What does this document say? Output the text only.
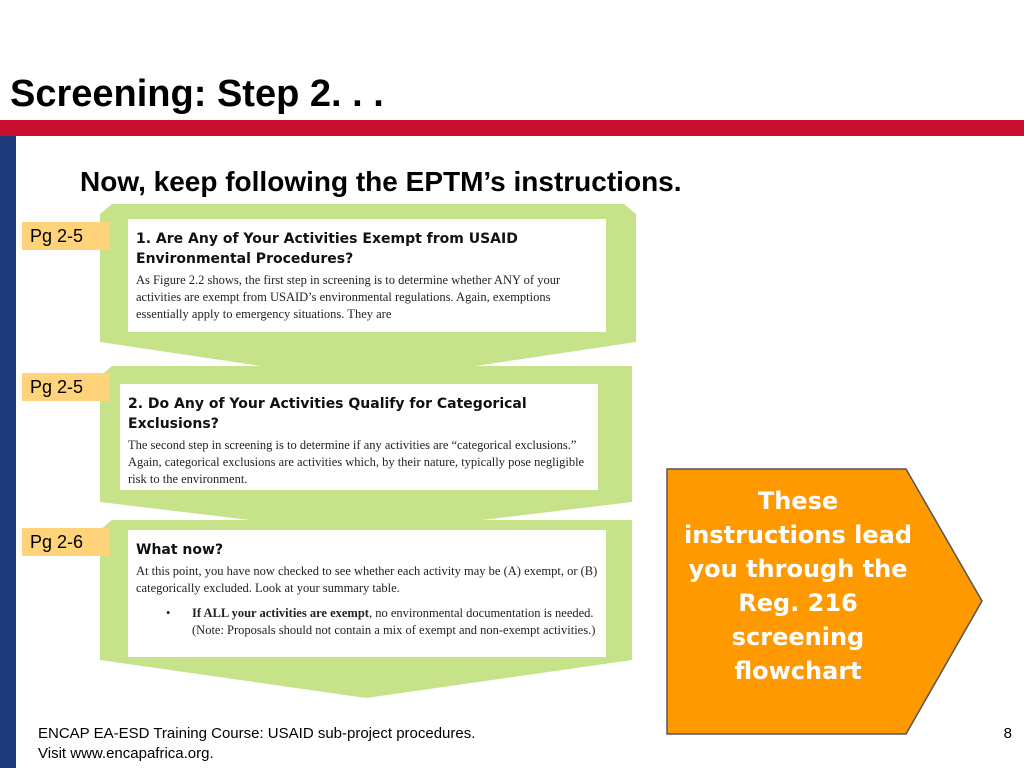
Screening: Step 2. . .
Now, keep following the EPTM’s instructions.
Pg 2-5	1. Are Any of Your Activities Exempt from USAID Environmental Procedures?

As Figure 2.2 shows, the first step in screening is to determine whether ANY of your activities are exempt from USAID’s environmental regulations. Again, exemptions essentially apply to emergency situations. They are

Pg 2-5

2. Do Any of Your Activities Qualify for Categorical Exclusions?

The second step in screening is to determine if any activities are “categorical exclusions.” Again, categorical exclusions are activities which, by their nature, typically pose negligible risk to the environment.

Pg 2-6	What now?

At this point, you have now checked to see whether each activity may be (A) exempt, or (B) categorically excluded. Look at your summary table.

• If ALL your activities are exempt, no environmental documentation is needed. (Note: Proposals should not contain a mix of exempt and non-exempt activities.)

These instructions lead you through the Reg. 216 screening flowchart
ENCAP EA-ESD Training Course: USAID sub-project procedures.
Visit www.encapafrica.org.
8
